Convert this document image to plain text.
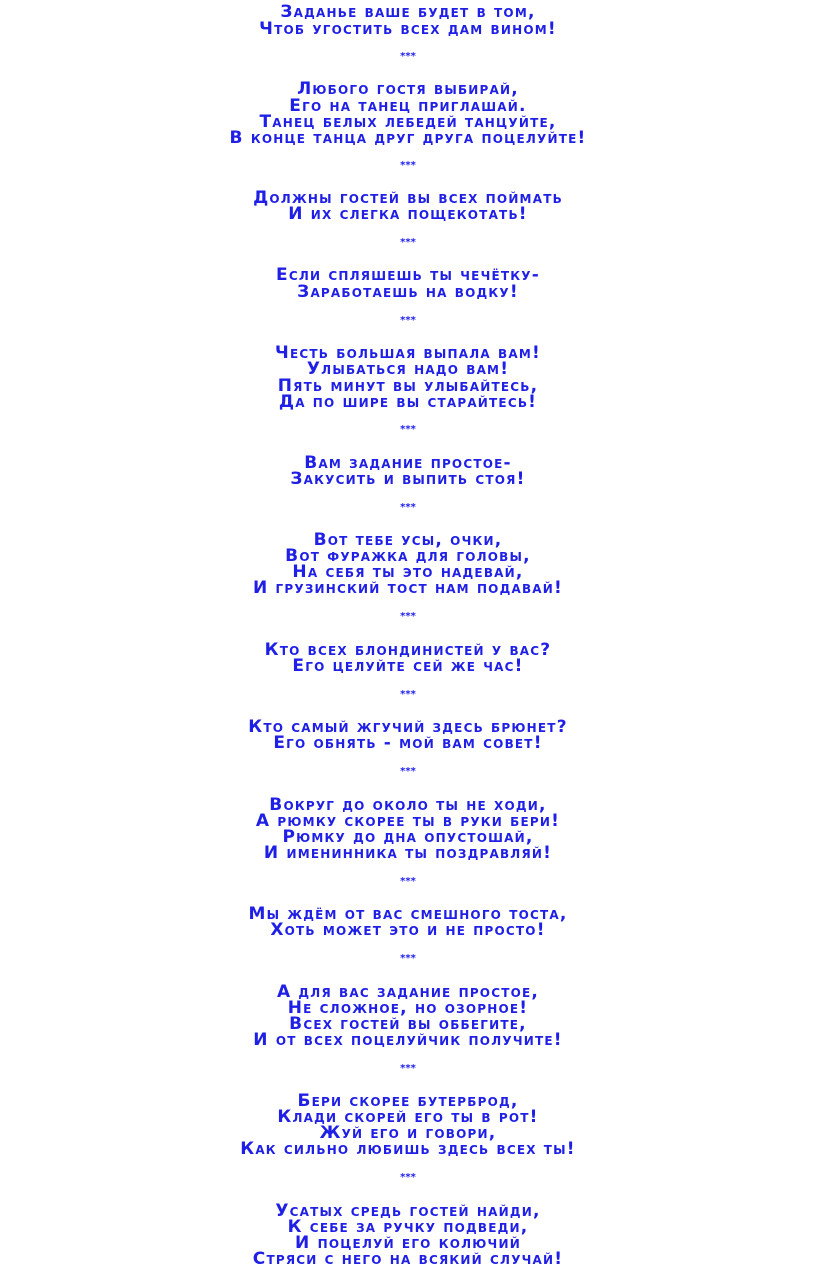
Заданье ваше будет в том,
Чтоб угостить всех дам вином!
***
Любого гостя выбирай,
Его на танец приглашай.
Танец белых лебедей танцуйте,
В конце танца друг друга поцелуйте!
***
Должны гостей вы всех поймать
И их слегка пощекотать!
***
Если спляшешь ты чечётку-
Заработаешь на водку!
***
Честь большая выпала вам!
Улыбаться надо вам!
Пять минут вы улыбайтесь,
Да по шире вы старайтесь!
***
Вам задание простое-
Закусить и выпить стоя!
***
Вот тебе усы, очки,
Вот фуражка для головы,
На себя ты это надевай,
И грузинский тост нам подавай!
***
Кто всех блондинистей у вас?
Его целуйте сей же час!
***
Кто самый жгучий здесь брюнет?
Его обнять - мой вам совет!
***
Вокруг до около ты не ходи,
А рюмку скорее ты в руки бери!
Рюмку до дна опустошай,
И именинника ты поздравляй!
***
Мы ждём от вас смешного тоста,
Хоть может это и не просто!
***
А для вас задание простое,
Не сложное, но озорное!
Всех гостей вы оббегите,
И от всех поцелуйчик получите!
***
Бери скорее бутерброд,
Клади скорей его ты в рот!
Жуй его и говори,
Как сильно любишь здесь всех ты!
***
Усатых средь гостей найди,
К себе за ручку подведи,
И поцелуй его колючий
Стряси с него на всякий случай!
